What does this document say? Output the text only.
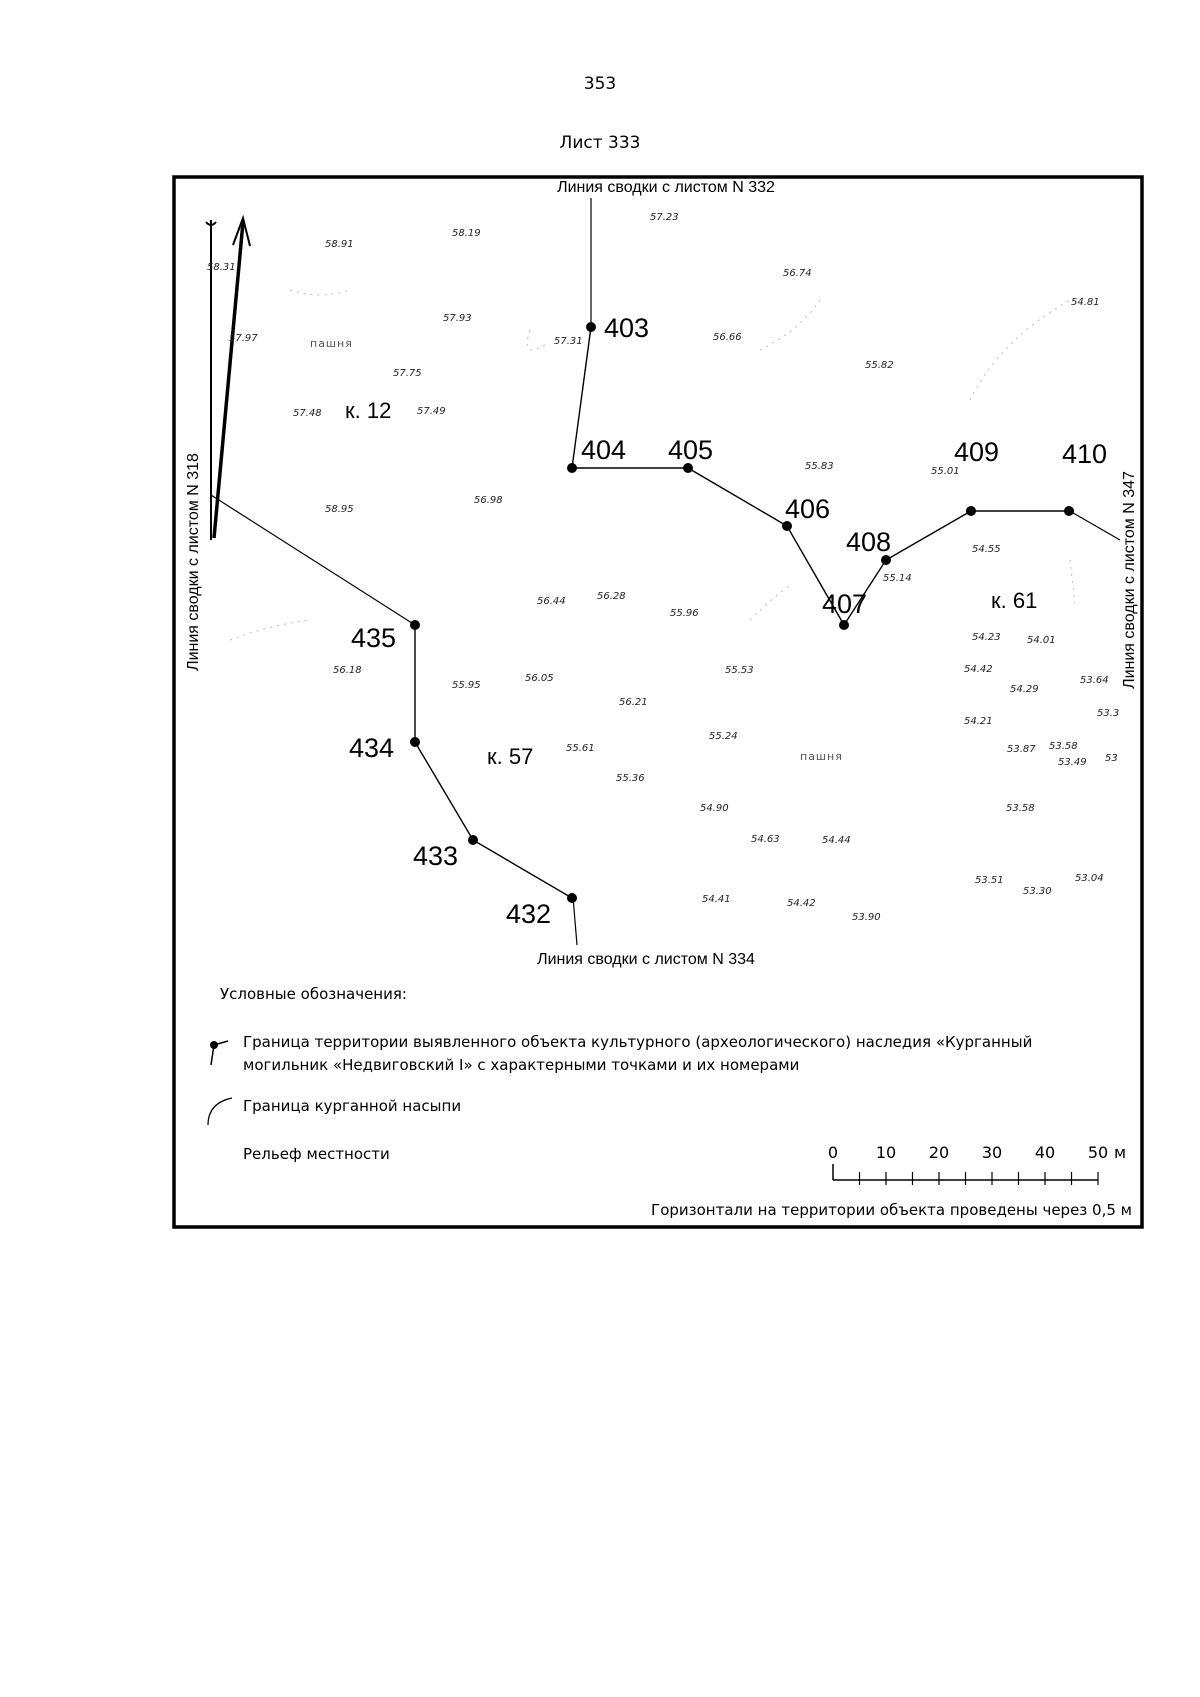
353
Лист 333
403
404 405
406
407
408
409 410
432
433
434
435
к. 12
к. 57
к. 61
пашня
пашня
58.91
58.19
57.23
58.31
57.93
56.74
54.81
57.97	57.31	56.66
55.82
57.75
57.48	57.49
55.83	55.01
58.95
56.98
54.55
55.14
56.44	56.28
55.96
54.23	54.01
56.18
55.95
56.05
55.53	54.42
54.29
53.64
56.21
54.21
53.3
55.61
55.24
53.87 53.58
53
53.49
55.36
53.58
54.90
54.63	54.44
53.51
53.30
53.04
54.41	54.42
53.90
Линия сводки с листом N 332
Линия сводки с листом N 318	Линия сводки с листом N 347
Линия сводки с листом N 334
Условные обозначения:
Граница территории выявленного объекта культурного (археологического) наследия «Курганный
могильник «Недвиговский I» с характерными точками и их номерами
Граница курганной насыпи
Рельеф местности	0 10 20 30 40 50 м
Горизонтали на территории объекта проведены через 0,5 м
